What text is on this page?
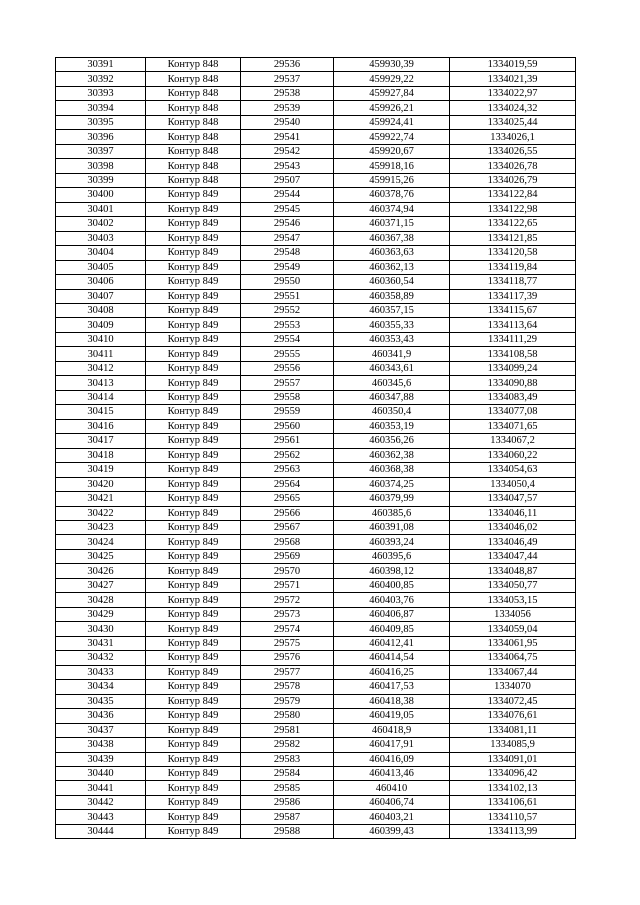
30391	Контур 848	29536	459930,39	1334019,59
30392	Контур 848	29537	459929,22	1334021,39
30393	Контур 848	29538	459927,84	1334022,97
30394	Контур 848	29539	459926,21	1334024,32
30395	Контур 848	29540	459924,41	1334025,44
30396	Контур 848	29541	459922,74	1334026,1
30397	Контур 848	29542	459920,67	1334026,55
30398	Контур 848	29543	459918,16	1334026,78
30399	Контур 848	29507	459915,26	1334026,79
30400	Контур 849	29544	460378,76	1334122,84
30401	Контур 849	29545	460374,94	1334122,98
30402	Контур 849	29546	460371,15	1334122,65
30403	Контур 849	29547	460367,38	1334121,85
30404	Контур 849	29548	460363,63	1334120,58
30405	Контур 849	29549	460362,13	1334119,84
30406	Контур 849	29550	460360,54	1334118,77
30407	Контур 849	29551	460358,89	1334117,39
30408	Контур 849	29552	460357,15	1334115,67
30409	Контур 849	29553	460355,33	1334113,64
30410	Контур 849	29554	460353,43	1334111,29
30411	Контур 849	29555	460341,9	1334108,58
30412	Контур 849	29556	460343,61	1334099,24
30413	Контур 849	29557	460345,6	1334090,88
30414	Контур 849	29558	460347,88	1334083,49
30415	Контур 849	29559	460350,4	1334077,08
30416	Контур 849	29560	460353,19	1334071,65
30417	Контур 849	29561	460356,26	1334067,2
30418	Контур 849	29562	460362,38	1334060,22
30419	Контур 849	29563	460368,38	1334054,63
30420	Контур 849	29564	460374,25	1334050,4
30421	Контур 849	29565	460379,99	1334047,57
30422	Контур 849	29566	460385,6	1334046,11
30423	Контур 849	29567	460391,08	1334046,02
30424	Контур 849	29568	460393,24	1334046,49
30425	Контур 849	29569	460395,6	1334047,44
30426	Контур 849	29570	460398,12	1334048,87
30427	Контур 849	29571	460400,85	1334050,77
30428	Контур 849	29572	460403,76	1334053,15
30429	Контур 849	29573	460406,87	1334056
30430	Контур 849	29574	460409,85	1334059,04
30431	Контур 849	29575	460412,41	1334061,95
30432	Контур 849	29576	460414,54	1334064,75
30433	Контур 849	29577	460416,25	1334067,44
30434	Контур 849	29578	460417,53	1334070
30435	Контур 849	29579	460418,38	1334072,45
30436	Контур 849	29580	460419,05	1334076,61
30437	Контур 849	29581	460418,9	1334081,11
30438	Контур 849	29582	460417,91	1334085,9
30439	Контур 849	29583	460416,09	1334091,01
30440	Контур 849	29584	460413,46	1334096,42
30441	Контур 849	29585	460410	1334102,13
30442	Контур 849	29586	460406,74	1334106,61
30443	Контур 849	29587	460403,21	1334110,57
30444	Контур 849	29588	460399,43	1334113,99
